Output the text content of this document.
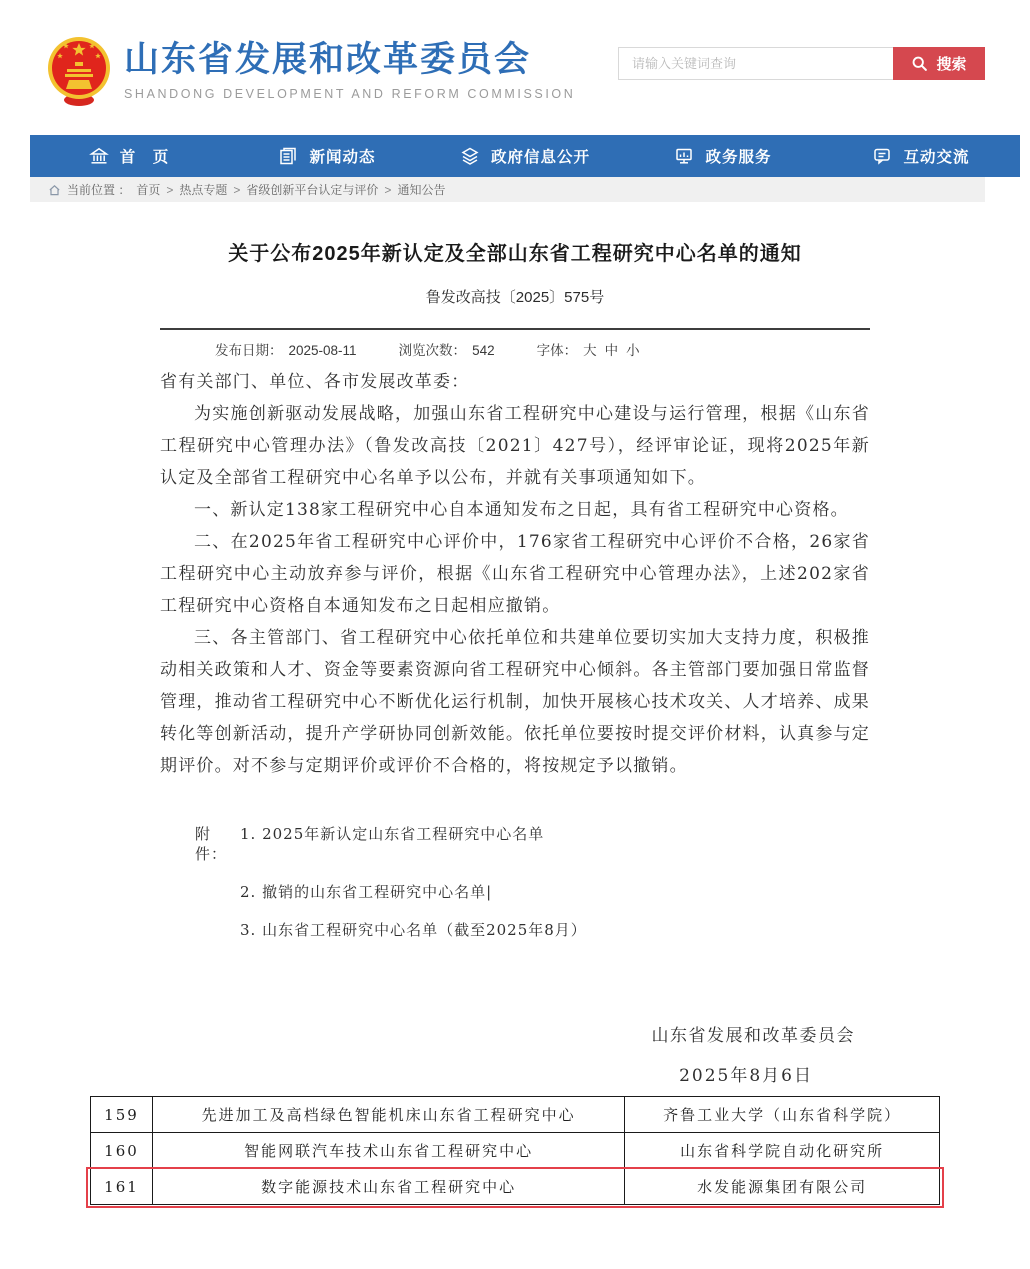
山东省发展和改革委员会
SHANDONG DEVELOPMENT AND REFORM COMMISSION
请输入关键词查询
搜索
首　页	新闻动态	政府信息公开	政务服务	互动交流
当前位置 ： 首页 > 热点专题 > 省级创新平台认定与评价 > 通知公告
关于公布2025年新认定及全部山东省工程研究中心名单的通知
鲁发改高技〔2025〕575号
发布日期： 2025-08-11	浏览次数： 542	字体： 大 中 小
省有关部门、单位、各市发展改革委：
为实施创新驱动发展战略，加强山东省工程研究中心建设与运行管理，根据《山东省工程研究中心管理办法》（鲁发改高技〔2021〕427号），经评审论证，现将2025年新认定及全部省工程研究中心名单予以公布，并就有关事项通知如下。
一、新认定138家工程研究中心自本通知发布之日起，具有省工程研究中心资格。
二、在2025年省工程研究中心评价中，176家省工程研究中心评价不合格，26家省工程研究中心主动放弃参与评价，根据《山东省工程研究中心管理办法》，上述202家省工程研究中心资格自本通知发布之日起相应撤销。
三、各主管部门、省工程研究中心依托单位和共建单位要切实加大支持力度，积极推动相关政策和人才、资金等要素资源向省工程研究中心倾斜。各主管部门要加强日常监督管理，推动省工程研究中心不断优化运行机制，加快开展核心技术攻关、人才培养、成果转化等创新活动，提升产学研协同创新效能。依托单位要按时提交评价材料，认真参与定期评价。对不参与定期评价或评价不合格的，将按规定予以撤销。
附件：
1. 2025年新认定山东省工程研究中心名单
2. 撤销的山东省工程研究中心名单|
3. 山东省工程研究中心名单（截至2025年8月）
山东省发展和改革委员会
2025年8月6日
159	先进加工及高档绿色智能机床山东省工程研究中心	齐鲁工业大学（山东省科学院）
160	智能网联汽车技术山东省工程研究中心	山东省科学院自动化研究所
161	数字能源技术山东省工程研究中心	水发能源集团有限公司
